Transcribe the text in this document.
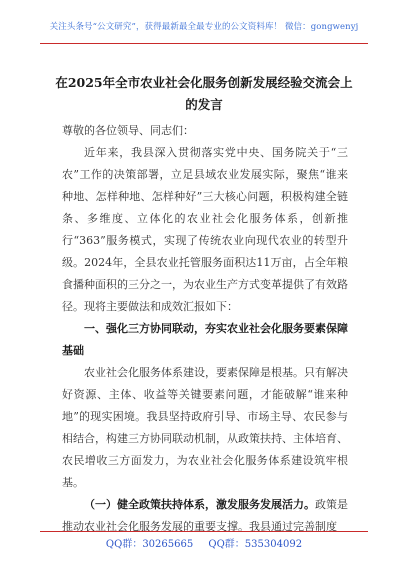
关注头条号“公文研究”，获得最新最全最专业的公文资料库！ 微信：gongwenyj
在2025年全市农业社会化服务创新发展经验交流会上的发言

尊敬的各位领导、同志们：

近年来，我县深入贯彻落实党中央、国务院关于“三农”工作的决策部署，立足县域农业发展实际，聚焦“谁来种地、怎样种地、怎样种好”三大核心问题，积极构建全链条、多维度、立体化的农业社会化服务体系，创新推行“363”服务模式，实现了传统农业向现代农业的转型升级。2024年，全县农业托管服务面积达11万亩，占全年粮食播种面积的三分之一，为农业生产方式变革提供了有效路径。现将主要做法和成效汇报如下：

一、强化三方协同联动，夯实农业社会化服务要素保障基础

农业社会化服务体系建设，要素保障是根基。只有解决好资源、主体、收益等关键要素问题，才能破解“谁来种地”的现实困境。我县坚持政府引导、市场主导、农民参与相结合，构建三方协同联动机制，从政策扶持、主体培育、农民增收三方面发力，为农业社会化服务体系建设筑牢根基。

（一）健全政策扶持体系，激发服务发展活力。政策是推动农业社会化服务发展的重要支撑。我县通过完善制度

QQ群：30265665 QQ群：535304092
